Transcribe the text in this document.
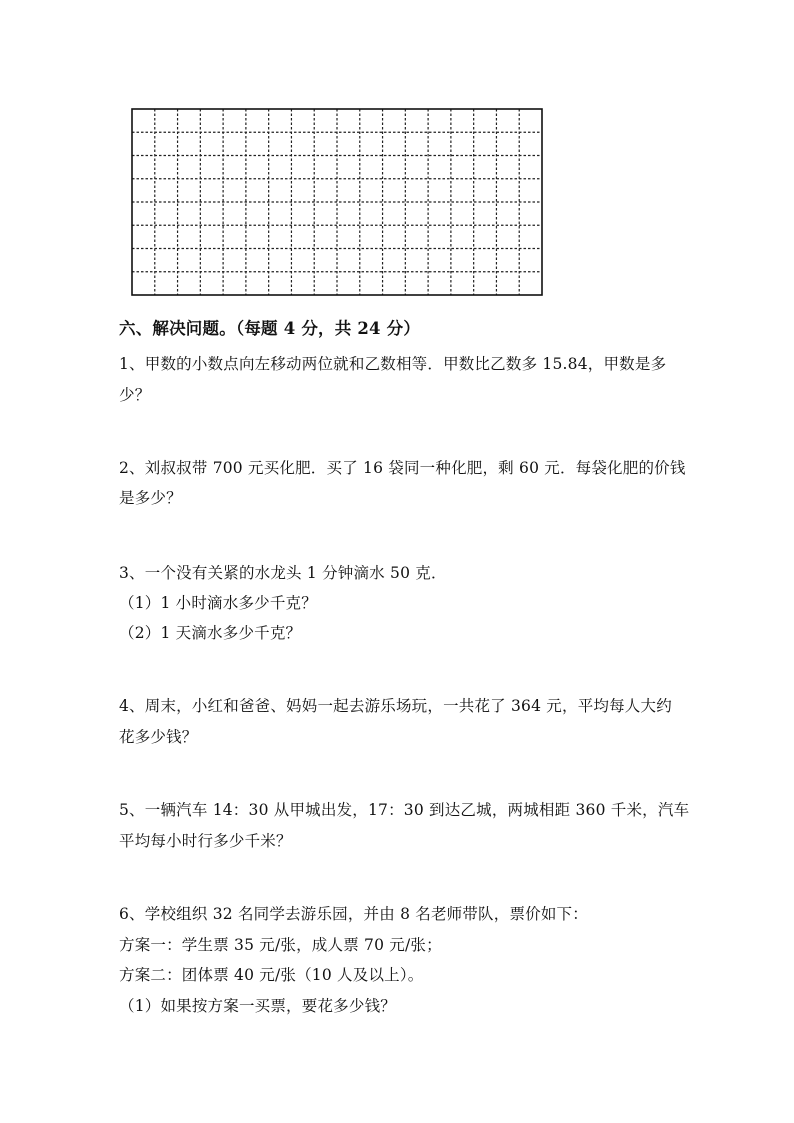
六、解决问题。（每题 4 分，共 24 分）
1、甲数的小数点向左移动两位就和乙数相等．甲数比乙数多 15.84，甲数是多
少？
2、刘叔叔带 700 元买化肥．买了 16 袋同一种化肥，剩 60 元．每袋化肥的价钱
是多少？
3、一个没有关紧的水龙头 1 分钟滴水 50 克．
（1）1 小时滴水多少千克？
（2）1 天滴水多少千克？
4、周末，小红和爸爸、妈妈一起去游乐场玩，一共花了 364 元，平均每人大约
花多少钱？
5、一辆汽车 14：30 从甲城出发，17：30 到达乙城，两城相距 360 千米，汽车
平均每小时行多少千米？
6、学校组织 32 名同学去游乐园，并由 8 名老师带队，票价如下：
方案一：学生票 35 元/张，成人票 70 元/张；
方案二：团体票 40 元/张（10 人及以上）。
（1）如果按方案一买票，要花多少钱？
